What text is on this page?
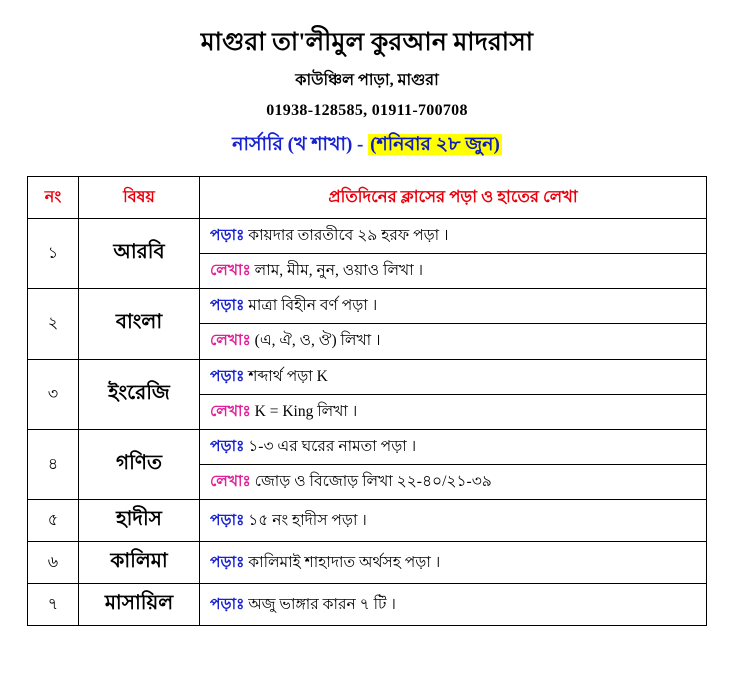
মাগুরা তা'লীমুল কুরআন মাদরাসা
কাউঞ্চিল পাড়া, মাগুরা
01938-128585, 01911-700708
নার্সারি (খ শাখা) - (শনিবার ২৮ জুন)
নং	বিষয়	প্রতিদিনের ক্লাসের পড়া ও হাতের লেখা
১	আরবি	পড়াঃ কায়দার তারতীবে ২৯ হরফ পড়া ।
লেখাঃ লাম, মীম, নুন, ওয়াও লিখা ।

২	বাংলা	পড়াঃ মাত্রা বিহীন বর্ণ পড়া ।
লেখাঃ (এ, ঐ, ও, ঔ) লিখা ।

৩	ইংরেজি	পড়াঃ শব্দার্থ পড়া K
লেখাঃ K = King লিখা ।

৪	গণিত	পড়াঃ ১-৩ এর ঘরের নামতা পড়া ।
লেখাঃ জোড় ও বিজোড় লিখা ২২-৪০/২১-৩৯

৫	হাদীস	পড়াঃ ১৫ নং হাদীস পড়া ।

৬	কালিমা	পড়াঃ কালিমাই শাহাদাত অর্থসহ পড়া ।

৭	মাসায়িল	পড়াঃ অজু ভাঙ্গার কারন ৭ টি ।
